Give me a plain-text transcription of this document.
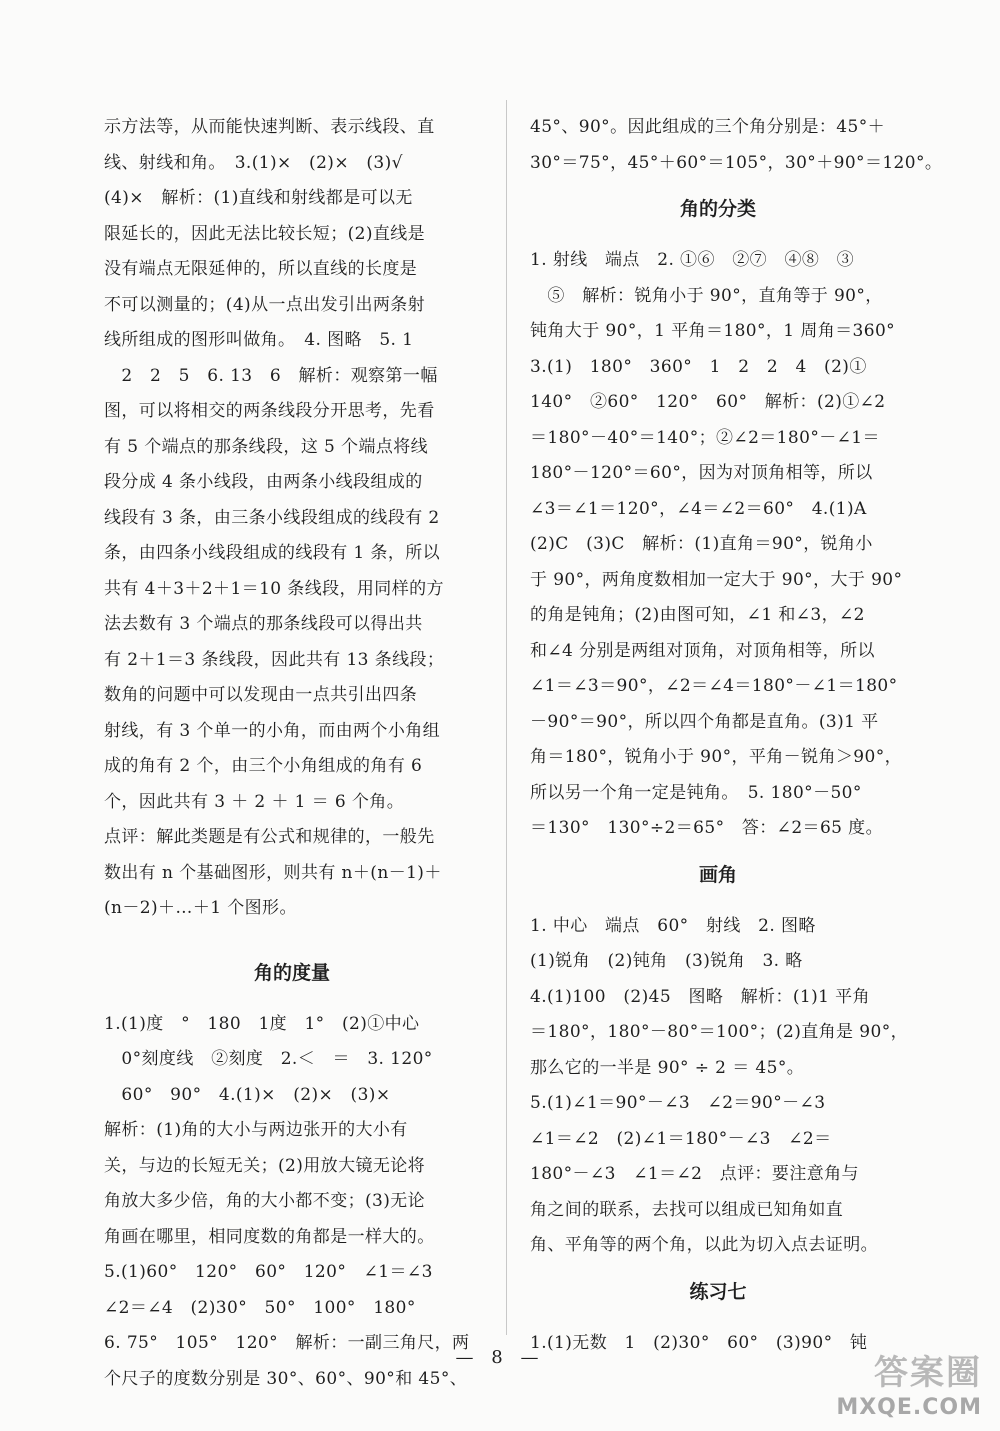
示方法等，从而能快速判断、表示线段、直

线、射线和角。　3.(1)×　(2)×　(3)√

(4)×　解析：(1)直线和射线都是可以无

限延长的，因此无法比较长短；(2)直线是

没有端点无限延伸的，所以直线的长度是

不可以测量的；(4)从一点出发引出两条射

线所组成的图形叫做角。　4. 图略　5. 1

　2　2　5　6. 13　6　解析：观察第一幅

图，可以将相交的两条线段分开思考，先看

有 5 个端点的那条线段，这 5 个端点将线

段分成 4 条小线段，由两条小线段组成的

线段有 3 条，由三条小线段组成的线段有 2

条，由四条小线段组成的线段有 1 条，所以

共有 4＋3＋2＋1＝10 条线段，用同样的方

法去数有 3 个端点的那条线段可以得出共

有 2＋1＝3 条线段，因此共有 13 条线段；

数角的问题中可以发现由一点共引出四条

射线，有 3 个单一的小角，而由两个小角组

成的角有 2 个，由三个小角组成的角有 6

个，因此共有 3 ＋ 2 ＋ 1 ＝ 6 个角。

点评：解此类题是有公式和规律的，一般先

数出有 n 个基础图形，则共有 n＋(n－1)＋

(n－2)＋…＋1 个图形。

角的度量

1.(1)度　°　180　1度　1°　(2)①中心

　0°刻度线　②刻度　2.＜　＝　3. 120°

　60°　90°　4.(1)×　(2)×　(3)×

解析：(1)角的大小与两边张开的大小有

关，与边的长短无关；(2)用放大镜无论将

角放大多少倍，角的大小都不变；(3)无论

角画在哪里，相同度数的角都是一样大的。

5.(1)60°　120°　60°　120°　∠1＝∠3

∠2＝∠4　(2)30°　50°　100°　180°

6. 75°　105°　120°　解析：一副三角尺，两

个尺子的度数分别是 30°、60°、90°和 45°、

45°、90°。因此组成的三个角分别是：45°＋

30°＝75°，45°＋60°＝105°，30°＋90°＝120°。

角的分类

1. 射线　端点　2. ①⑥　②⑦　④⑧　③

　⑤　解析：锐角小于 90°，直角等于 90°，

钝角大于 90°，1 平角＝180°，1 周角＝360°

3.(1)　180°　360°　1　2　2　4　(2)①

140°　②60°　120°　60°　解析：(2)①∠2

＝180°－40°＝140°；②∠2＝180°－∠1＝

180°－120°＝60°，因为对顶角相等，所以

∠3＝∠1＝120°，∠4＝∠2＝60°　4.(1)A

(2)C　(3)C　解析：(1)直角＝90°，锐角小

于 90°，两角度数相加一定大于 90°，大于 90°

的角是钝角；(2)由图可知，∠1 和∠3，∠2

和∠4 分别是两组对顶角，对顶角相等，所以

∠1＝∠3＝90°，∠2＝∠4＝180°－∠1＝180°

－90°＝90°，所以四个角都是直角。(3)1 平

角＝180°，锐角小于 90°，平角－锐角＞90°，

所以另一个角一定是钝角。　5. 180°－50°

＝130°　130°÷2＝65°　答：∠2＝65 度。

画角

1. 中心　端点　60°　射线　2. 图略

(1)锐角　(2)钝角　(3)锐角　3. 略

4.(1)100　(2)45　图略　解析：(1)1 平角

＝180°，180°－80°＝100°；(2)直角是 90°，

那么它的一半是 90° ÷ 2 ＝ 45°。

5.(1)∠1＝90°－∠3　∠2＝90°－∠3

∠1＝∠2　(2)∠1＝180°－∠3　∠2＝

180°－∠3　∠1＝∠2　点评：要注意角与

角之间的联系，去找可以组成已知角如直

角、平角等的两个角，以此为切入点去证明。

练习七

1.(1)无数　1　(2)30°　60°　(3)90°　钝

— 8 —	答案圈
MXQE.COM
